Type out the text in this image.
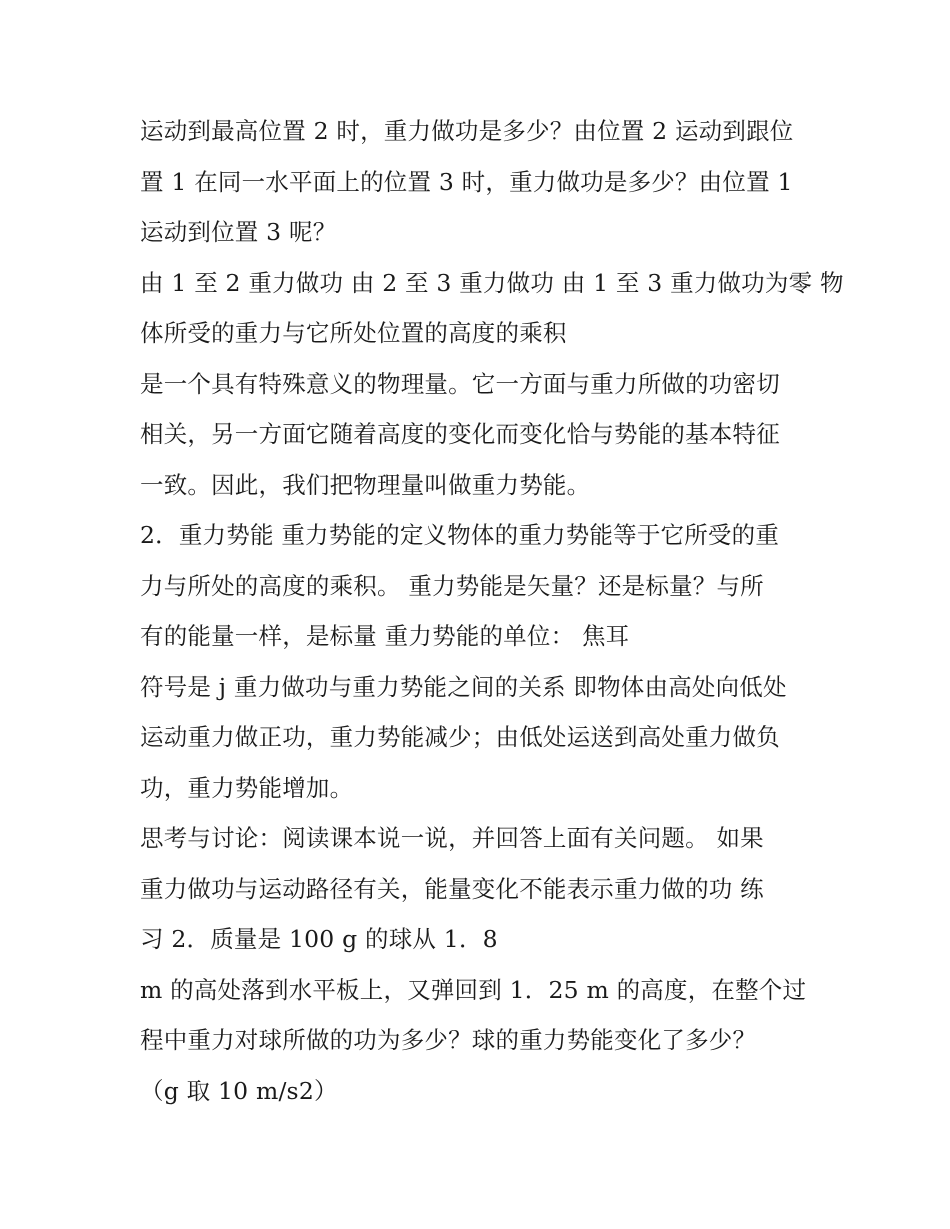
运动到最高位置 2 时，重力做功是多少？由位置 2 运动到跟位
置 1 在同一水平面上的位置 3 时，重力做功是多少？由位置 1
运动到位置 3 呢？
由 1 至 2 重力做功 由 2 至 3 重力做功 由 1 至 3 重力做功为零 物
体所受的重力与它所处位置的高度的乘积
是一个具有特殊意义的物理量。它一方面与重力所做的功密切
相关，另一方面它随着高度的变化而变化恰与势能的基本特征
一致。因此，我们把物理量叫做重力势能。
2．重力势能 重力势能的定义物体的重力势能等于它所受的重
力与所处的高度的乘积。 重力势能是矢量？还是标量？与所
有的能量一样，是标量 重力势能的单位： 焦耳
符号是 j 重力做功与重力势能之间的关系 即物体由高处向低处
运动重力做正功，重力势能减少；由低处运送到高处重力做负
功，重力势能增加。
思考与讨论：阅读课本说一说，并回答上面有关问题。 如果
重力做功与运动路径有关，能量变化不能表示重力做的功 练
习 2．质量是 100 g 的球从 1．8
m 的高处落到水平板上，又弹回到 1．25 m 的高度，在整个过
程中重力对球所做的功为多少？球的重力势能变化了多少？
（g 取 10 m/s2）
